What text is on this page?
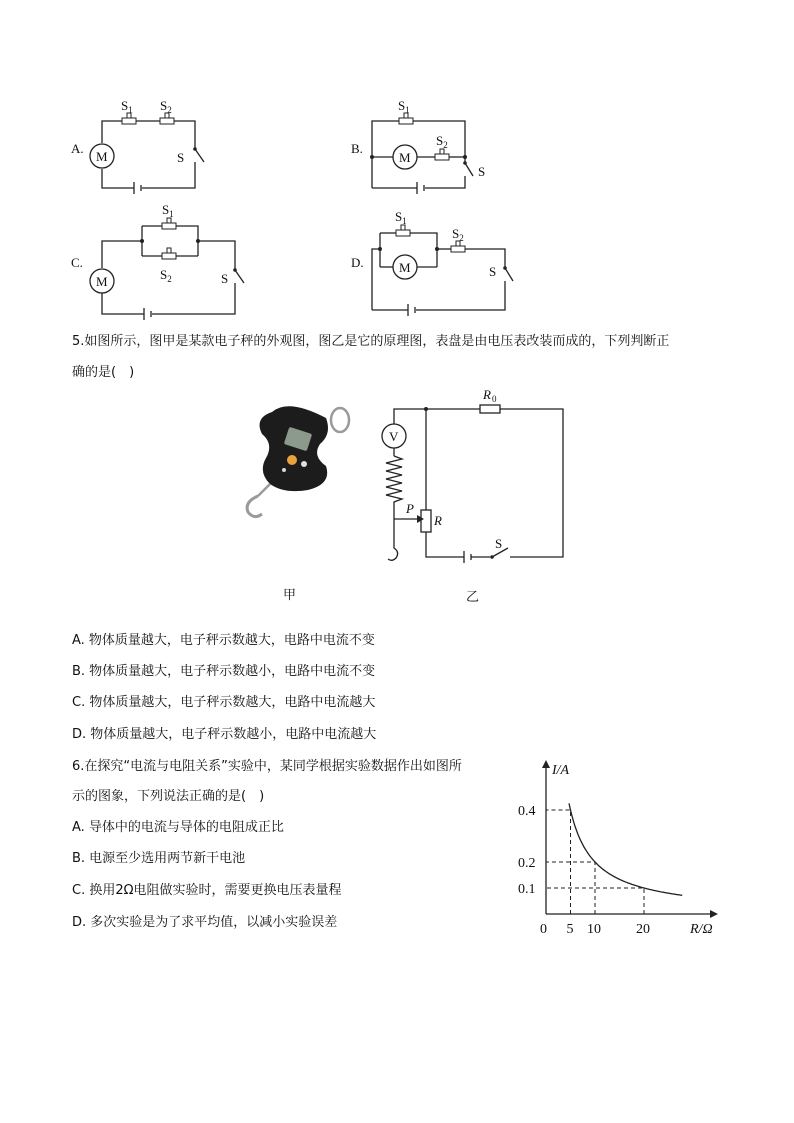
A.
M
$S_1$ $S_2$
S
B.
M
$S_1$
$S_2$
S
C.
M
$S_1$
$S_2$	S
D.	M
$S_1$
$S_2$
S
5.如图所示，图甲是某款电子秤的外观图，图乙是它的原理图，表盘是由电压表改装而成的，下列判断正
确的是(　)
甲
R 0
V
P
R
S
乙
A. 物体质量越大，电子秤示数越大，电路中电流不变
B. 物体质量越大，电子秤示数越小，电路中电流不变
C. 物体质量越大，电子秤示数越大，电路中电流越大
D. 物体质量越大，电子秤示数越小，电路中电流越大
6.在探究“电流与电阻关系”实验中，某同学根据实验数据作出如图所
示的图象，下列说法正确的是(　)
A. 导体中的电流与导体的电阻成正比
B. 电源至少选用两节新干电池
C. 换用2Ω电阻做实验时，需要更换电压表量程
D. 多次实验是为了求平均值，以减小实验误差
I/A
R/Ω
0 5 10	20
0.1
0.2
0.4
